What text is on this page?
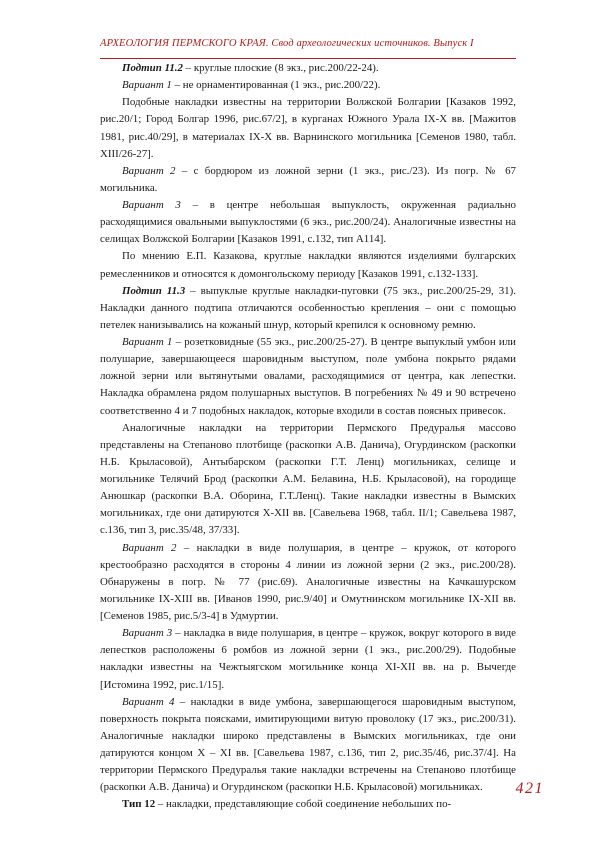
АРХЕОЛОГИЯ ПЕРМСКОГО КРАЯ. Свод археологических источников. Выпуск I

Подтип 11.2 – круглые плоские (8 экз., рис.200/22-24).

Вариант 1 – не орнаментированная (1 экз., рис.200/22).

Подобные накладки известны на территории Волжской Болгарии [Казаков 1992, рис.20/1; Город Болгар 1996, рис.67/2], в курганах Южного Урала IX-X вв. [Мажитов 1981, рис.40/29], в материалах IX-X вв. Варнинского могильника [Семенов 1980, табл. XIII/26-27].

Вариант 2 – с бордюром из ложной зерни (1 экз., рис./23). Из погр. № 67 могильника.

Вариант 3 – в центре небольшая выпуклость, окруженная радиально расходящимися овальными выпуклостями (6 экз., рис.200/24). Аналогичные известны на селищах Волжской Болгарии [Казаков 1991, с.132, тип А114].

По мнению Е.П. Казакова, круглые накладки являются изделиями булгарских ремесленников и относятся к домонгольскому периоду [Казаков 1991, с.132-133].

Подтип 11.3 – выпуклые круглые накладки-пуговки (75 экз., рис.200/25-29, 31). Накладки данного подтипа отличаются особенностью крепления – они с помощью петелек нанизывались на кожаный шнур, который крепился к основному ремню.

Вариант 1 – розетковидные (55 экз., рис.200/25-27). В центре выпуклый умбон или полушарие, завершающееся шаровидным выступом, поле умбона покрыто рядами ложной зерни или вытянутыми овалами, расходящимися от центра, как лепестки. Накладка обрамлена рядом полушарных выступов. В погребениях № 49 и 90 встречено соответственно 4 и 7 подобных накладок, которые входили в состав поясных привесок.

Аналогичные накладки на территории Пермского Предуралья массово представлены на Степаново плотбище (раскопки А.В. Данича), Огурдинском (раскопки Н.Б. Крыласовой), Антыбарском (раскопки Г.Т. Ленц) могильниках, селище и могильнике Телячий Брод (раскопки А.М. Белавина, Н.Б. Крыласовой), на городище Анюшкар (раскопки В.А. Оборина, Г.Т.Ленц). Такие накладки известны в Вымских могильниках, где они датируются X-XII вв. [Савельева 1968, табл. II/1; Савельева 1987, с.136, тип 3, рис.35/48, 37/33].

Вариант 2 – накладки в виде полушария, в центре – кружок, от которого крестообразно расходятся в стороны 4 линии из ложной зерни (2 экз., рис.200/28). Обнаружены в погр. № 77 (рис.69). Аналогичные известны на Качкашурском могильнике IX-XIII вв. [Иванов 1990, рис.9/40] и Омутнинском могильнике IX-XII вв. [Семенов 1985, рис.5/3-4] в Удмуртии.

Вариант 3 – накладка в виде полушария, в центре – кружок, вокруг которого в виде лепестков расположены 6 ромбов из ложной зерни (1 экз., рис.200/29). Подобные накладки известны на Чежтыягском могильнике конца XI-XII вв. на р. Вычегде [Истомина 1992, рис.1/15].

Вариант 4 – накладки в виде умбона, завершающегося шаровидным выступом, поверхность покрыта поясками, имитирующими витую проволоку (17 экз., рис.200/31). Аналогичные накладки широко представлены в Вымских могильниках, где они датируются концом X – XI вв. [Савельева 1987, с.136, тип 2, рис.35/46, рис.37/4]. На территории Пермского Предуралья такие накладки встречены на Степаново плотбище (раскопки А.В. Данича) и Огурдинском (раскопки Н.Б. Крыласовой) могильниках.

Тип 12 – накладки, представляющие собой соединение небольших по-

421
